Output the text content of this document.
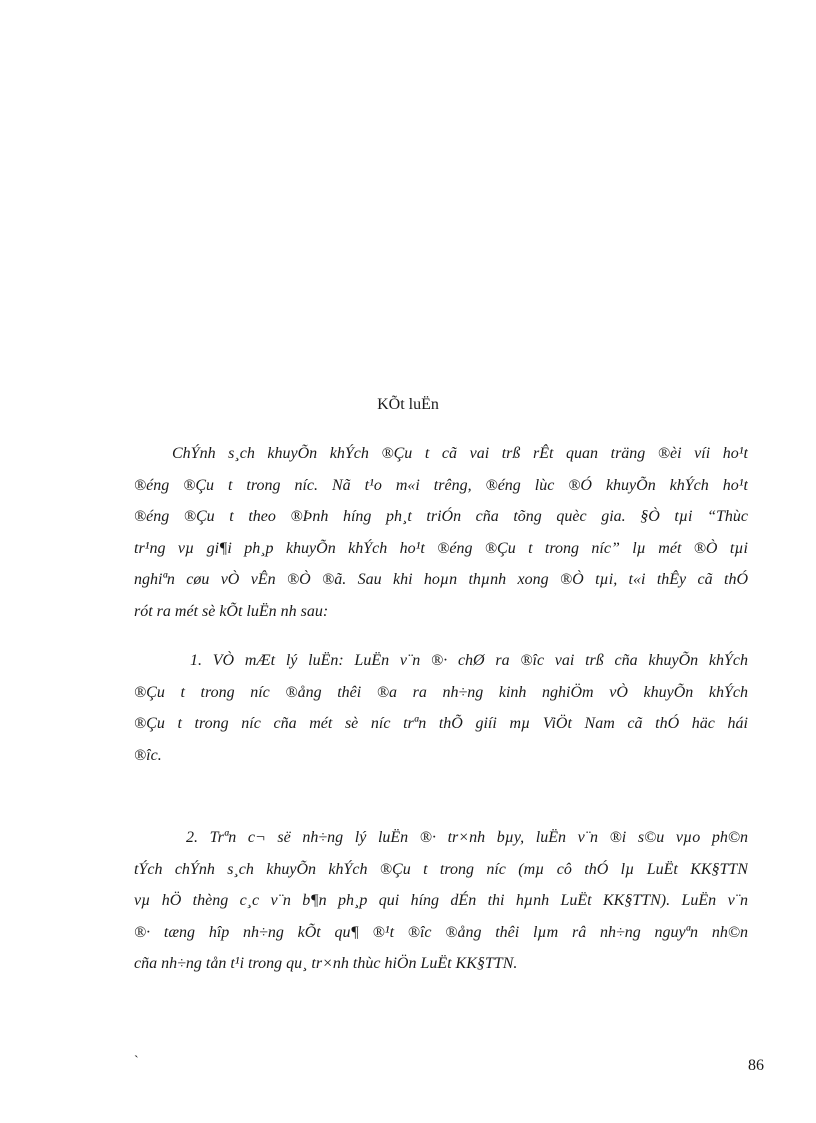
KÕt luËn

ChÝnh s¸ch khuyÕn khÝch ®Çu t cã vai trß rÊt quan träng ®èi víi ho¹t
®éng ®Çu t trong níc. Nã t¹o m«i trêng, ®éng lùc ®Ó khuyÕn khÝch ho¹t
®éng ®Çu t theo ®Þnh híng ph¸t triÓn cña tõng quèc gia. §Ò tµi “Thùc
tr¹ng vµ gi¶i ph¸p khuyÕn khÝch ho¹t ®éng ®Çu t trong níc” lµ mét ®Ò tµi
nghiªn cøu vÒ vÊn ®Ò ®ã. Sau khi hoµn thµnh xong ®Ò tµi, t«i thÊy cã thÓ
rót ra mét sè kÕt luËn nh sau:

1. VÒ mÆt lý luËn: LuËn v¨n ®· chØ ra ®îc vai trß cña khuyÕn khÝch
®Çu t trong níc ®ång thêi ®a ra nh÷ng kinh nghiÖm vÒ khuyÕn khÝch
®Çu t trong níc cña mét sè níc trªn thÕ giíi mµ ViÖt Nam cã thÓ häc hái
®îc.

2. Trªn c¬ së nh÷ng lý luËn ®· tr×nh bµy, luËn v¨n ®i s©u vµo ph©n
tÝch chÝnh s¸ch khuyÕn khÝch ®Çu t trong níc (mµ cô thÓ lµ LuËt KK§TTN
vµ hÖ thèng c¸c v¨n b¶n ph¸p qui híng dÉn thi hµnh LuËt KK§TTN). LuËn v¨n
®· tæng hîp nh÷ng kÕt qu¶ ®¹t ®îc ®ång thêi lµm râ nh÷ng nguyªn nh©n
cña nh÷ng tån t¹i trong qu¸ tr×nh thùc hiÖn LuËt KK§TTN.

`	86
